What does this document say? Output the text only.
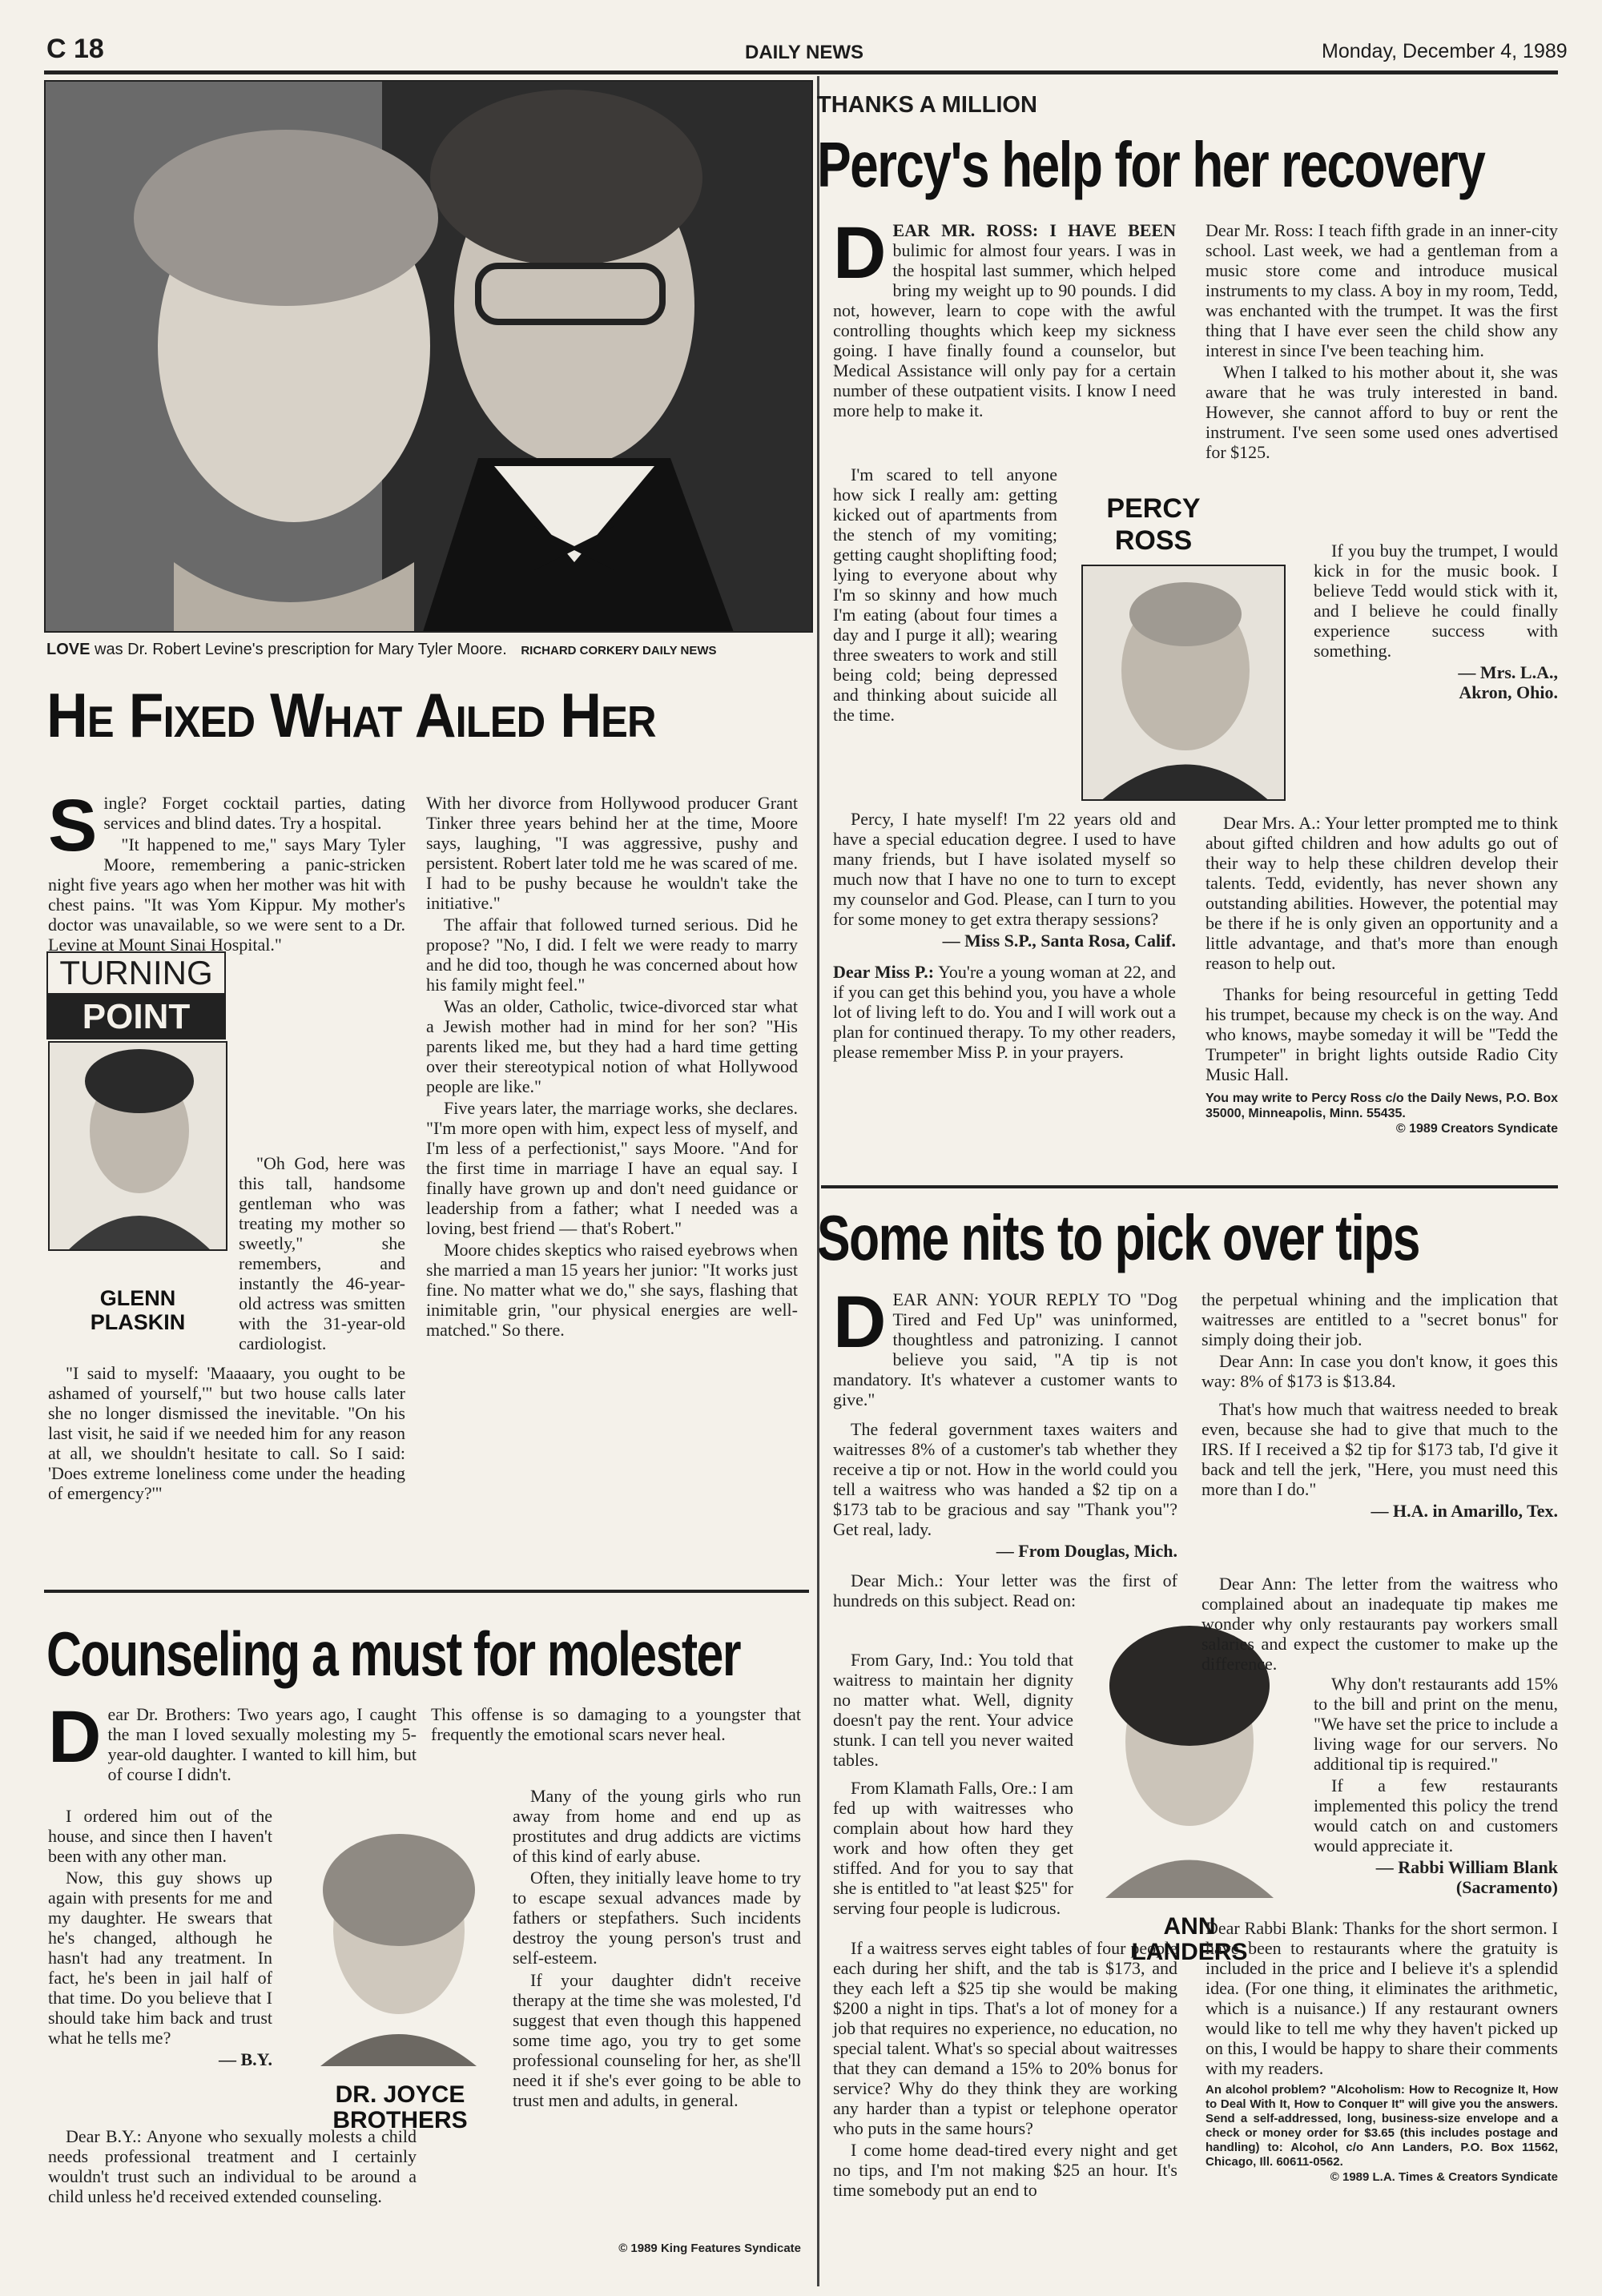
C 18	DAILY NEWS	Monday, December 4, 1989
LOVE was Dr. Robert Levine's prescription for Mary Tyler Moore. RICHARD CORKERY DAILY NEWS
He Fixed What Ailed Her
TURNING
POINT
GLENN
PLASKIN
S ingle? Forget cocktail parties, dating services and blind dates. Try a hospital.

"It happened to me," says Mary Tyler Moore, remembering a panic-stricken night five years ago when her mother was hit with chest pains. "It was Yom Kippur. My mother's doctor was unavailable, so we were sent to a Dr. Levine at Mount Sinai Hospital."

"Oh God, here was this tall, handsome gentleman who was treating my mother so sweetly," she remembers, and instantly the 46-year-old actress was smitten with the 31-year-old cardiologist.

"I said to myself: 'Maaaary, you ought to be ashamed of yourself,'" but two house calls later she no longer dismissed the inevitable. "On his last visit, he said if we needed him for any reason at all, we shouldn't hesitate to call. So I said: 'Does extreme loneliness come under the heading of emergency?'"

With her divorce from Hollywood producer Grant Tinker three years behind her at the time, Moore says, laughing, "I was aggressive, pushy and persistent. Robert later told me he was scared of me. I had to be pushy because he wouldn't take the initiative."

The affair that followed turned serious. Did he propose? "No, I did. I felt we were ready to marry and he did too, though he was concerned about how his family might feel."

Was an older, Catholic, twice-divorced star what a Jewish mother had in mind for her son? "His parents liked me, but they had a hard time getting over their stereotypical notion of what Hollywood people are like."

Five years later, the marriage works, she declares. "I'm more open with him, expect less of myself, and I'm less of a perfectionist," says Moore. "And for the first time in marriage I have an equal say. I finally have grown up and don't need guidance or leadership from a father; what I needed was a loving, best friend — that's Robert."

Moore chides skeptics who raised eyebrows when she married a man 15 years her junior: "It works just fine. No matter what we do," she says, flashing that inimitable grin, "our physical energies are well-matched." So there.

Counseling a must for molester
D ear Dr. Brothers: Two years ago, I caught the man I loved sexually molesting my 5-year-old daughter. I wanted to kill him, but of course I didn't.

I ordered him out of the house, and since then I haven't been with any other man.

Now, this guy shows up again with presents for me and my daughter. He swears that he's changed, although he hasn't had any treatment. In fact, he's been in jail half of that time. Do you believe that I should take him back and trust what he tells me?

— B.Y.

Dear B.Y.: Anyone who sexually molests a child needs professional treatment and I certainly wouldn't trust such an individual to be around a child unless he'd received extended counseling.

DR. JOYCE
BROTHERS

This offense is so damaging to a youngster that frequently the emotional scars never heal.

Many of the young girls who run away from home and end up as prostitutes and drug addicts are victims of this kind of early abuse.

Often, they initially leave home to try to escape sexual advances made by fathers or stepfathers. Such incidents destroy the young person's trust and self-esteem.

If your daughter didn't receive therapy at the time she was molested, I'd suggest that even though this happened some time ago, you try to get some professional counseling for her, as she'll need it if she's ever going to be able to trust men and adults, in general.

© 1989 King Features Syndicate
THANKS A MILLION
Percy's help for her recovery
D EAR MR. ROSS: I HAVE BEEN bulimic for almost four years. I was in the hospital last summer, which helped bring my weight up to 90 pounds. I did not, however, learn to cope with the awful controlling thoughts which keep my sickness going. I have finally found a counselor, but Medical Assistance will only pay for a certain number of these outpatient visits. I know I need more help to make it.

I'm scared to tell anyone how sick I really am: getting kicked out of apartments from the stench of my vomiting; getting caught shoplifting food; lying to everyone about why I'm so skinny and how much I'm eating (about four times a day and I purge it all); wearing three sweaters to work and still being cold; being depressed and thinking about suicide all the time.

Percy, I hate myself! I'm 22 years old and have a special education degree. I used to have many friends, but I have isolated myself so much now that I have no one to turn to except my counselor and God. Please, can I turn to you for some money to get extra therapy sessions?

— Miss S.P., Santa Rosa, Calif.

Dear Miss P.: You're a young woman at 22, and if you can get this behind you, you have a whole lot of living left to do. You and I will work out a plan for continued therapy. To my other readers, please remember Miss P. in your prayers.

PERCY
ROSS

Dear Mr. Ross: I teach fifth grade in an inner-city school. Last week, we had a gentleman from a music store come and introduce musical instruments to my class. A boy in my room, Tedd, was enchanted with the trumpet. It was the first thing that I have ever seen the child show any interest in since I've been teaching him.

When I talked to his mother about it, she was aware that he was truly interested in band. However, she cannot afford to buy or rent the instrument. I've seen some used ones advertised for $125.

If you buy the trumpet, I would kick in for the music book. I believe Tedd would stick with it, and I believe he could finally experience success with something.

— Mrs. L.A.,
Akron, Ohio.

Dear Mrs. A.: Your letter prompted me to think about gifted children and how adults go out of their way to help these children develop their talents. Tedd, evidently, has never shown any outstanding abilities. However, the potential may be there if he is only given an opportunity and a little advantage, and that's more than enough reason to help out.

Thanks for being resourceful in getting Tedd his trumpet, because my check is on the way. And who knows, maybe someday it will be "Tedd the Trumpeter" in bright lights outside Radio City Music Hall.

You may write to Percy Ross c/o the Daily News, P.O. Box 35000, Minneapolis, Minn. 55435.
© 1989 Creators Syndicate
Some nits to pick over tips
D EAR ANN: YOUR REPLY TO "Dog Tired and Fed Up" was uninformed, thoughtless and patronizing. I cannot believe you said, "A tip is not mandatory. It's whatever a customer wants to give."

The federal government taxes waiters and waitresses 8% of a customer's tab whether they receive a tip or not. How in the world could you tell a waitress who was handed a $2 tip on a $173 tab to be gracious and say "Thank you"? Get real, lady.

— From Douglas, Mich.

Dear Mich.: Your letter was the first of hundreds on this subject. Read on:

From Gary, Ind.: You told that waitress to maintain her dignity no matter what. Well, dignity doesn't pay the rent. Your advice stunk. I can tell you never waited tables.

From Klamath Falls, Ore.: I am fed up with waitresses who complain about how hard they work and how often they get stiffed. And for you to say that she is entitled to "at least $25" for serving four people is ludicrous.

If a waitress serves eight tables of four people each during her shift, and the tab is $173, and they each left a $25 tip she would be making $200 a night in tips. That's a lot of money for a job that requires no experience, no education, no special talent. What's so special about waitresses that they can demand a 15% to 20% bonus for service? Why do they think they are working any harder than a typist or telephone operator who puts in the same hours?

I come home dead-tired every night and get no tips, and I'm not making $25 an hour. It's time somebody put an end to

ANN
LANDERS

the perpetual whining and the implication that waitresses are entitled to a "secret bonus" for simply doing their job.

Dear Ann: In case you don't know, it goes this way: 8% of $173 is $13.84.

That's how much that waitress needed to break even, because she had to give that much to the IRS. If I received a $2 tip for $173 tab, I'd give it back and tell the jerk, "Here, you must need this more than I do."

— H.A. in Amarillo, Tex.

Dear Ann: The letter from the waitress who complained about an inadequate tip makes me wonder why only restaurants pay workers small salaries and expect the customer to make up the difference.

Why don't restaurants add 15% to the bill and print on the menu, "We have set the price to include a living wage for our servers. No additional tip is required."

If a few restaurants implemented this policy the trend would catch on and customers would appreciate it.

— Rabbi William Blank
(Sacramento)

Dear Rabbi Blank: Thanks for the short sermon. I have been to restaurants where the gratuity is included in the price and I believe it's a splendid idea. (For one thing, it eliminates the arithmetic, which is a nuisance.) If any restaurant owners would like to tell me why they haven't picked up on this, I would be happy to share their comments with my readers.

An alcohol problem? "Alcoholism: How to Recognize It, How to Deal With It, How to Conquer It" will give you the answers. Send a self-addressed, long, business-size envelope and a check or money order for $3.65 (this includes postage and handling) to: Alcohol, c/o Ann Landers, P.O. Box 11562, Chicago, Ill. 60611-0562.
© 1989 L.A. Times & Creators Syndicate
